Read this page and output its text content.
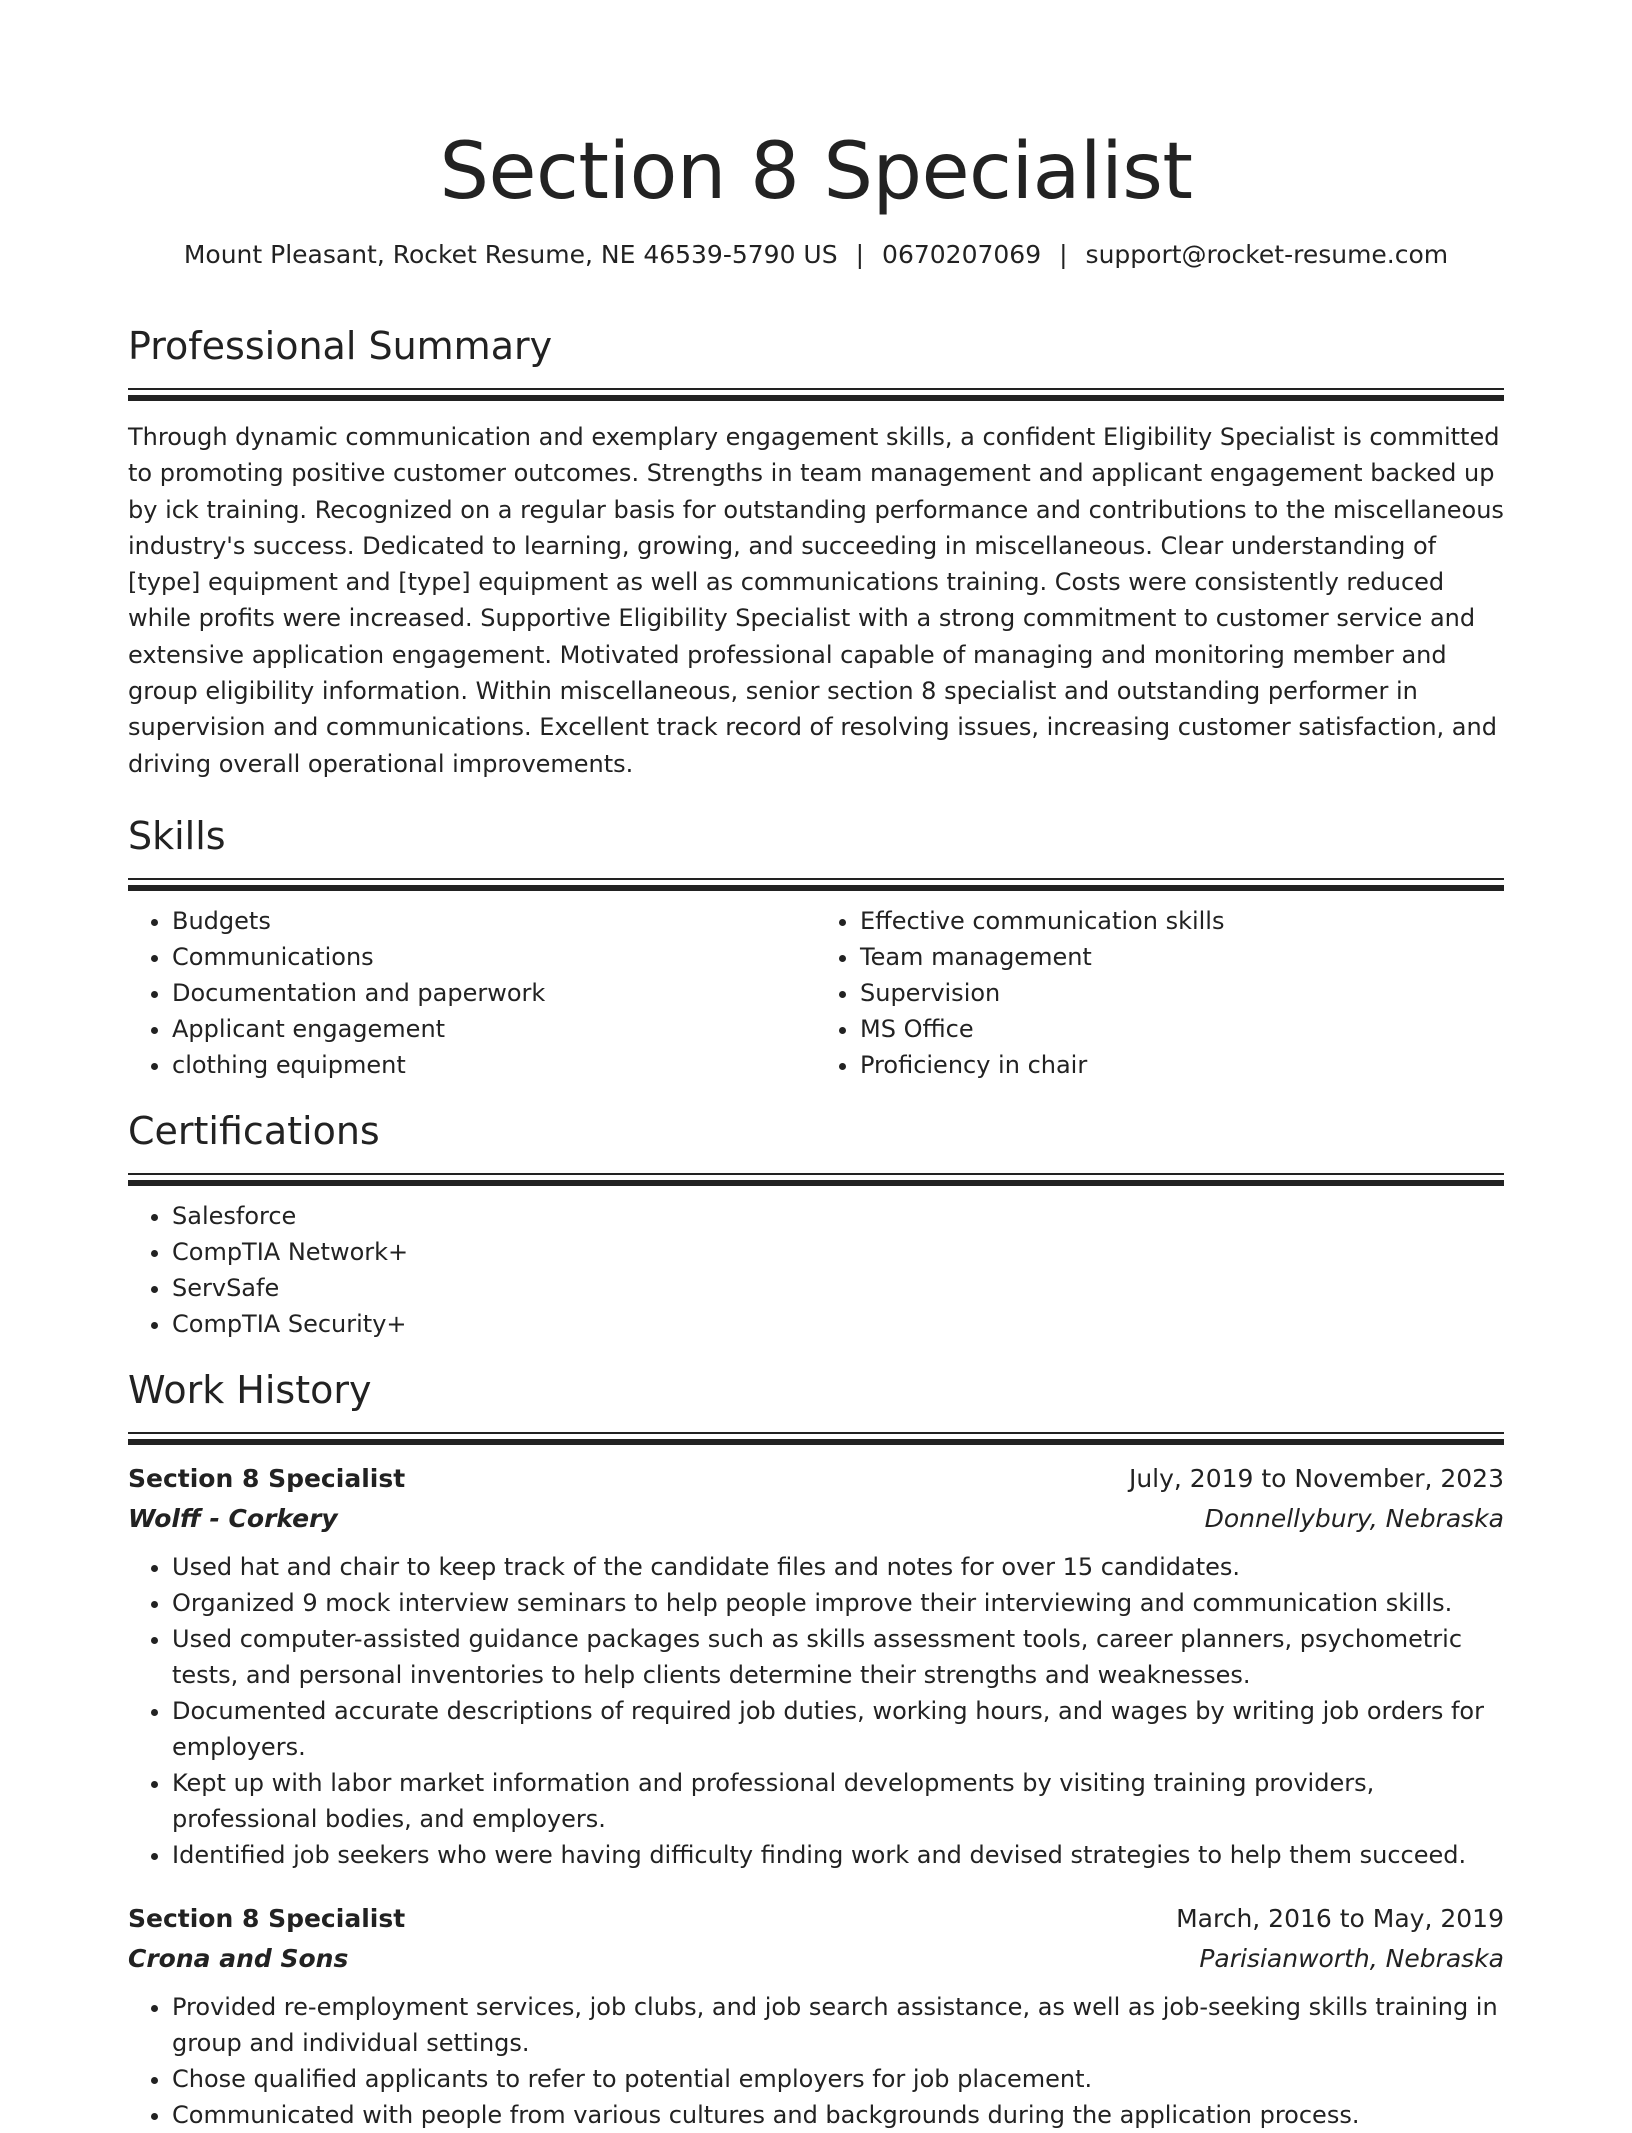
Section 8 Specialist
Mount Pleasant, Rocket Resume, NE 46539-5790 US | 0670207069 | support@rocket-resume.com
Professional Summary

Through dynamic communication and exemplary engagement skills, a confident Eligibility Specialist is committed to promoting positive customer outcomes. Strengths in team management and applicant engagement backed up by ick training. Recognized on a regular basis for outstanding performance and contributions to the miscellaneous industry's success. Dedicated to learning, growing, and succeeding in miscellaneous. Clear understanding of [type] equipment and [type] equipment as well as communications training. Costs were consistently reduced while profits were increased. Supportive Eligibility Specialist with a strong commitment to customer service and extensive application engagement. Motivated professional capable of managing and monitoring member and group eligibility information. Within miscellaneous, senior section 8 specialist and outstanding performer in supervision and communications. Excellent track record of resolving issues, increasing customer satisfaction, and driving overall operational improvements.

Skills
• Budgets
• Communications
• Documentation and paperwork
• Applicant engagement
• clothing equipment
• Effective communication skills
• Team management
• Supervision
• MS Office
• Proficiency in chair
Certifications
• Salesforce
• CompTIA Network+
• ServSafe
• CompTIA Security+
Work History
Section 8 Specialist	July, 2019 to November, 2023
Wolff - Corkery	Donnellybury, Nebraska
• Used hat and chair to keep track of the candidate files and notes for over 15 candidates.
• Organized 9 mock interview seminars to help people improve their interviewing and communication skills.
• Used computer-assisted guidance packages such as skills assessment tools, career planners, psychometric tests, and personal inventories to help clients determine their strengths and weaknesses.
• Documented accurate descriptions of required job duties, working hours, and wages by writing job orders for employers.
• Kept up with labor market information and professional developments by visiting training providers, professional bodies, and employers.
• Identified job seekers who were having difficulty finding work and devised strategies to help them succeed.
Section 8 Specialist	March, 2016 to May, 2019
Crona and Sons	Parisianworth, Nebraska
• Provided re-employment services, job clubs, and job search assistance, as well as job-seeking skills training in group and individual settings.
• Chose qualified applicants to refer to potential employers for job placement.
• Communicated with people from various cultures and backgrounds during the application process.
